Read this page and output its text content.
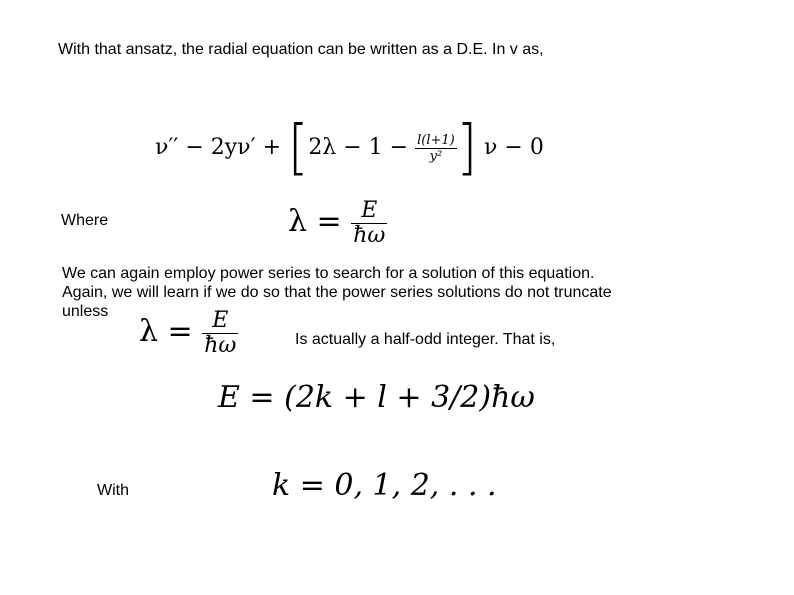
With that ansatz, the radial equation can be written as a D.E. In v as,
$\nu'' - 2y\nu' + [2\lambda - 1 - \frac{l(l+1)}{\text{y²}}$ ] ν − 0
Where	$\lambda = \frac{E}{ħ\omega}$
We can again employ power series to search for a solution of this equation.
Again, we will learn if we do so that the power series solutions do not truncate
unless
$\lambda = \frac{E}{ħ\omega}$	Is actually a half-odd integer. That is,
E = (2k + l + 3/2)ħω
With	k = 0, 1, 2, . . .
